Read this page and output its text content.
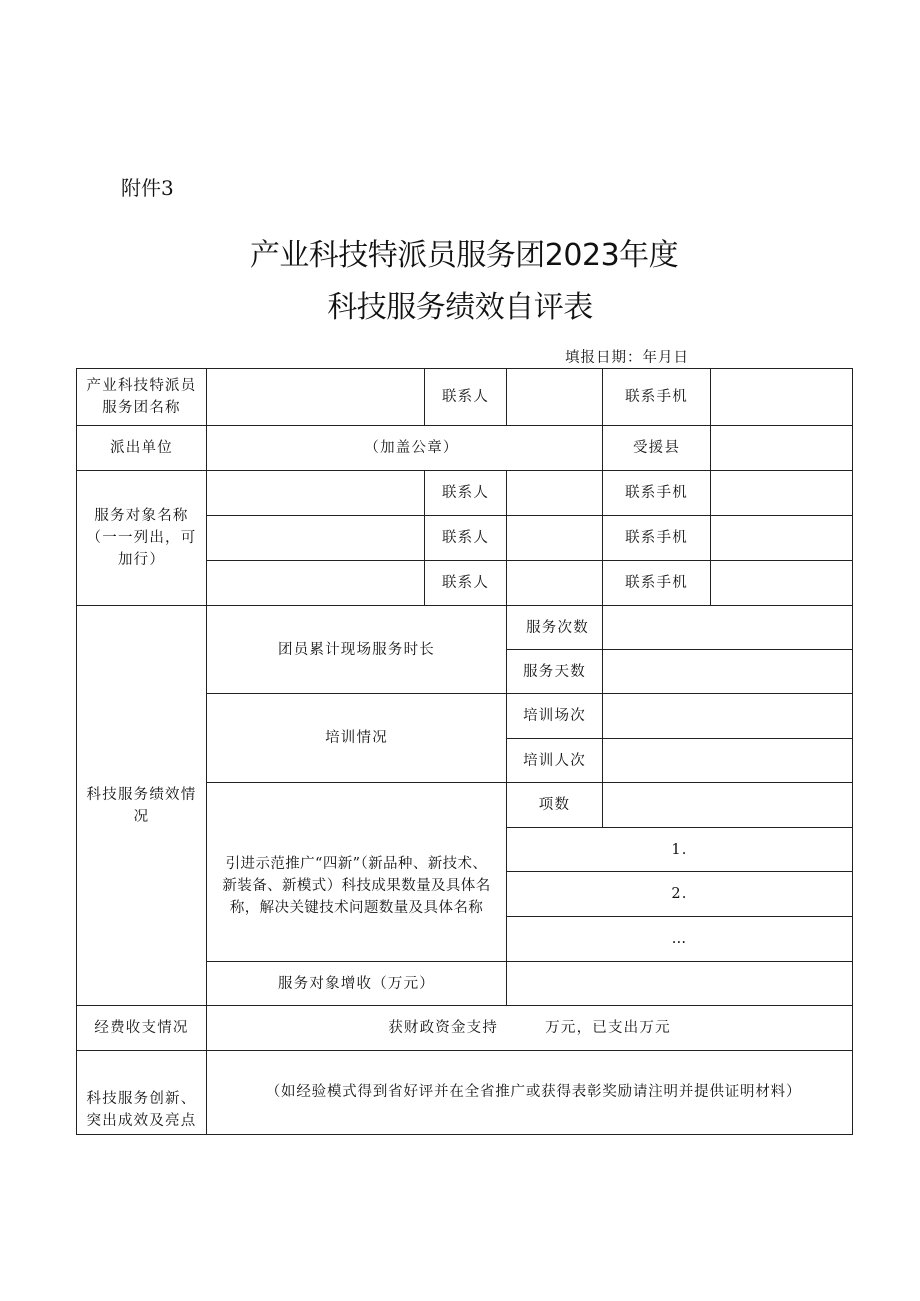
附件3
产业科技特派员服务团2023年度
科技服务绩效自评表
填报日期：年月日
产业科技特派员
服务团名称		联系人		联系手机	
派出单位	（加盖公章）			受援县	

服务对象名称
（一一列出，可
加行）		联系人		联系手机	
		联系人		联系手机	
		联系人		联系手机	

科技服务绩效情
况	团员累计现场服务时长		服务次数		
			服务天数		
	培训情况		培训场次		
			培训人次		

	引进示范推广“四新”（新品种、新技术、
新装备、新模式）科技成果数量及具体名
称，解决关键技术问题数量及具体名称		项数		
			1.		
			2.		
			…		
	服务对象增收（万元）				
经费收支情况	获财政资金支持　　　万元，已支出万元				

科技服务创新、
突出成效及亮点	（如经验模式得到省好评并在全省推广或获得表彰奖励请注明并提供证明材料）				
